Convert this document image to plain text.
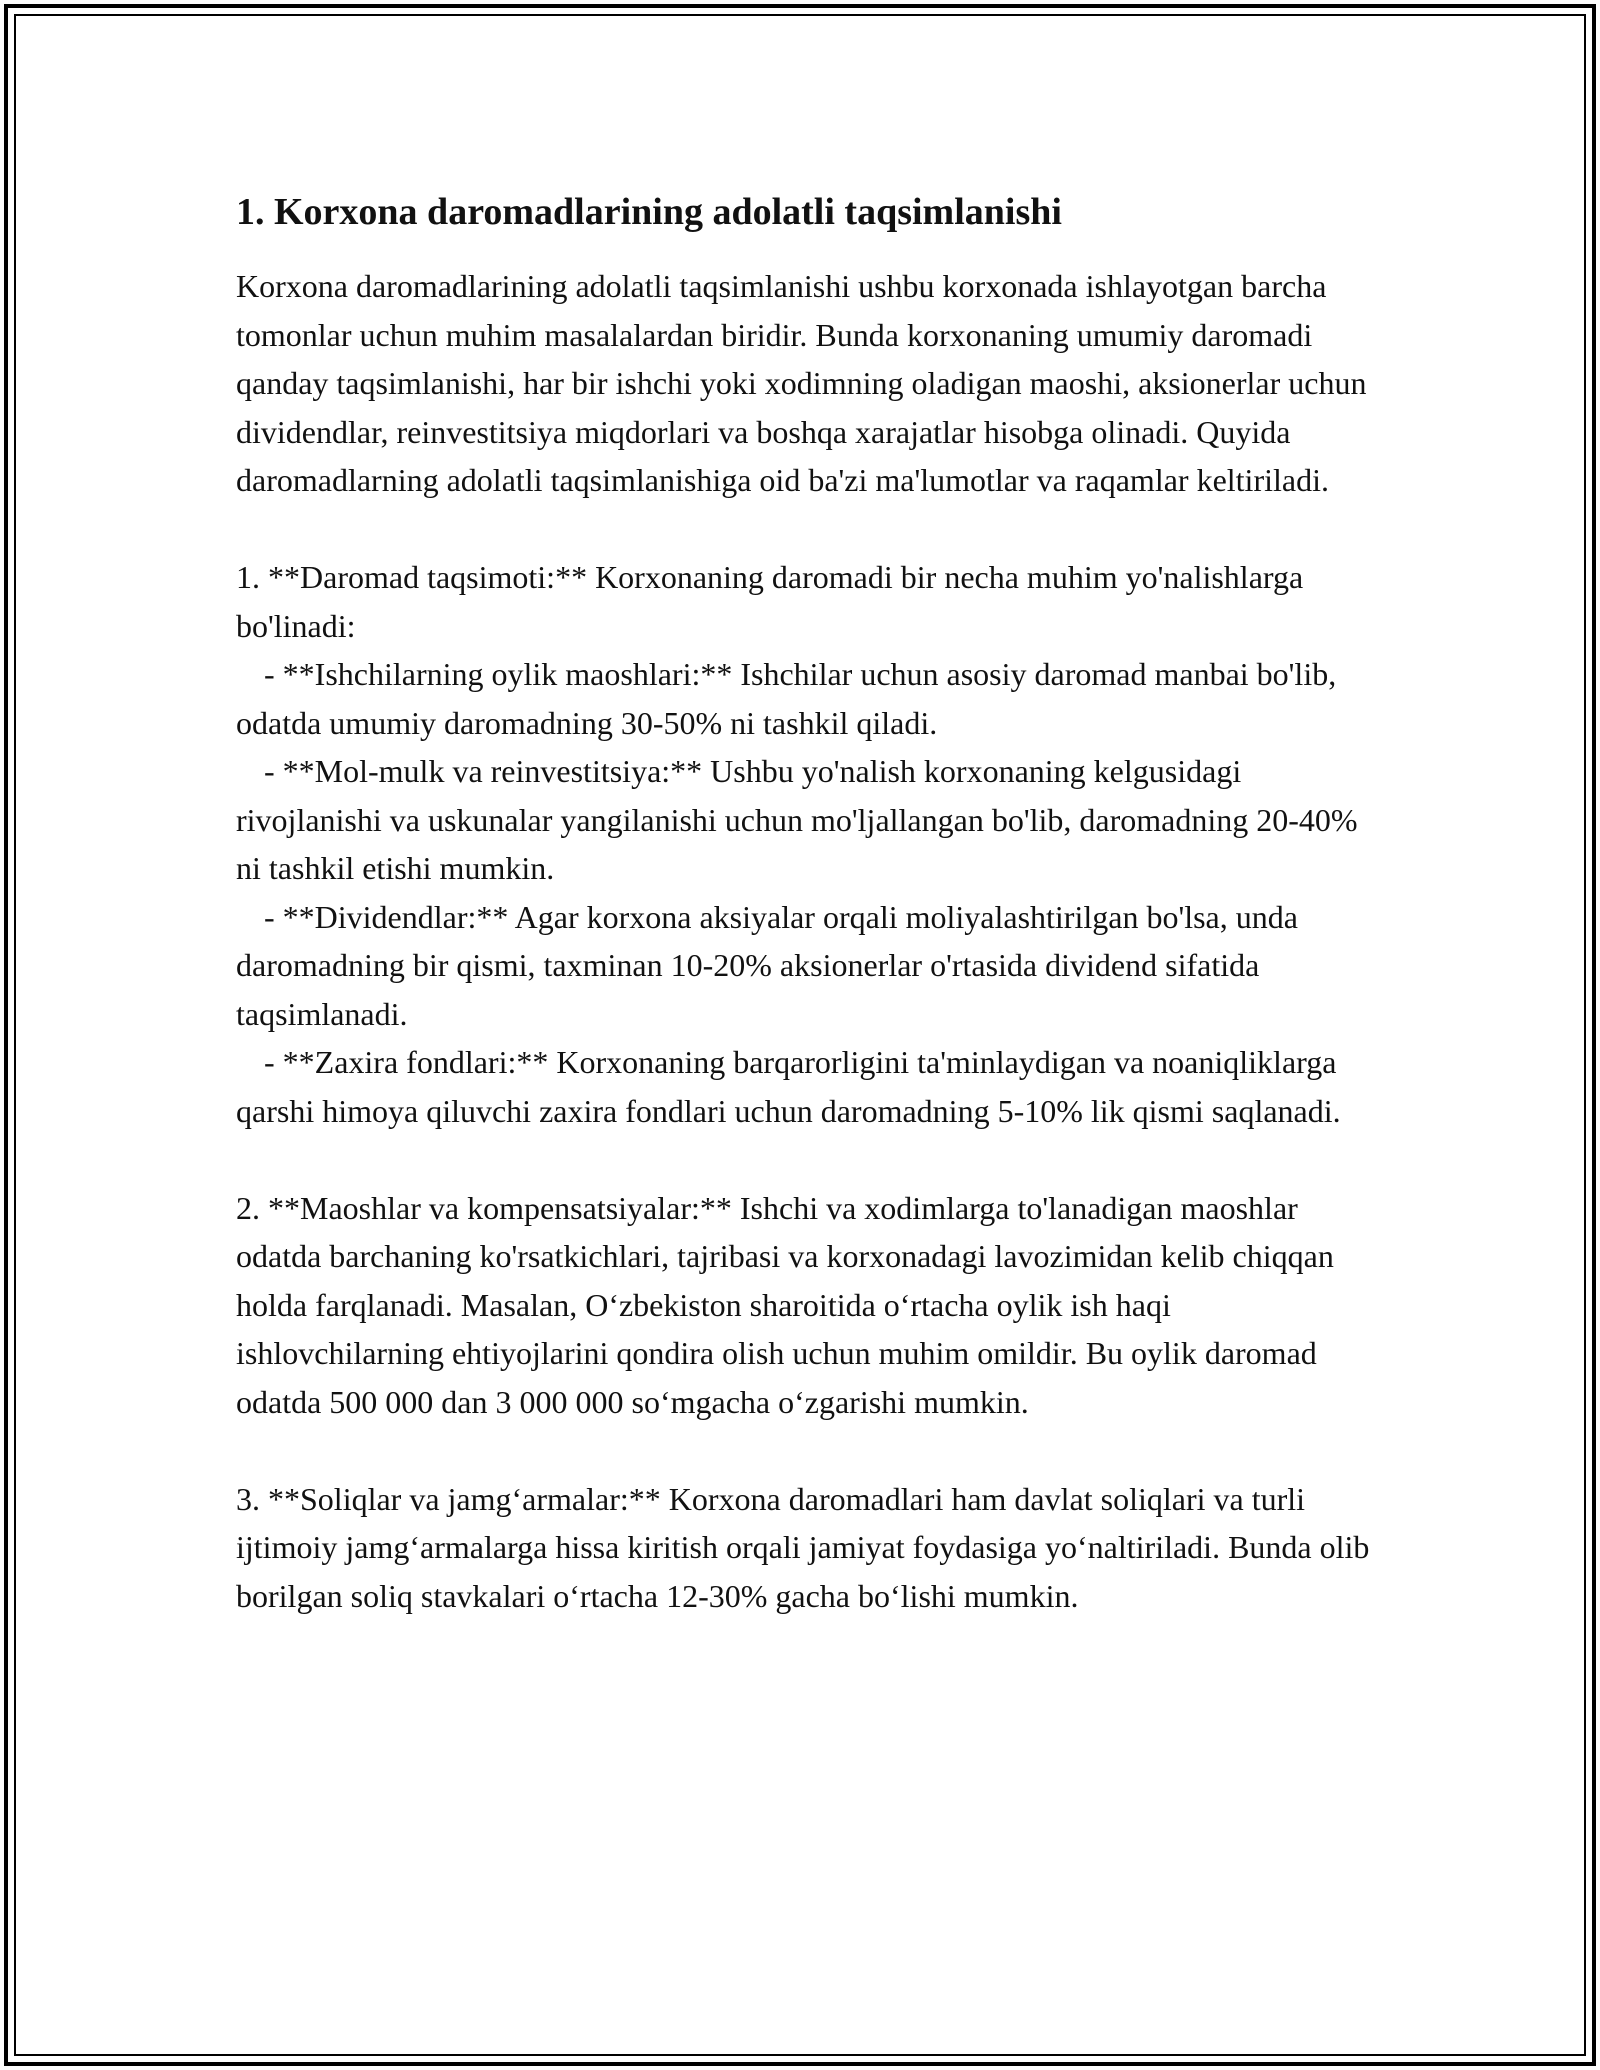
1. Korxona daromadlarining adolatli taqsimlanishi

Korxona daromadlarining adolatli taqsimlanishi ushbu korxonada ishlayotgan barcha tomonlar uchun muhim masalalardan biridir. Bunda korxonaning umumiy daromadi qanday taqsimlanishi, har bir ishchi yoki xodimning oladigan maoshi, aksionerlar uchun dividendlar, reinvestitsiya miqdorlari va boshqa xarajatlar hisobga olinadi. Quyida daromadlarning adolatli taqsimlanishiga oid ba'zi ma'lumotlar va raqamlar keltiriladi.

1. **Daromad taqsimoti:** Korxonaning daromadi bir necha muhim yo'nalishlarga bo'linadi:

- **Ishchilarning oylik maoshlari:** Ishchilar uchun asosiy daromad manbai bo'lib, odatda umumiy daromadning 30-50% ni tashkil qiladi.

- **Mol-mulk va reinvestitsiya:** Ushbu yo'nalish korxonaning kelgusidagi rivojlanishi va uskunalar yangilanishi uchun mo'ljallangan bo'lib, daromadning 20-40% ni tashkil etishi mumkin.

- **Dividendlar:** Agar korxona aksiyalar orqali moliyalashtirilgan bo'lsa, unda daromadning bir qismi, taxminan 10-20% aksionerlar o'rtasida dividend sifatida taqsimlanadi.

- **Zaxira fondlari:** Korxonaning barqarorligini ta'minlaydigan va noaniqliklarga qarshi himoya qiluvchi zaxira fondlari uchun daromadning 5-10% lik qismi saqlanadi.

2. **Maoshlar va kompensatsiyalar:** Ishchi va xodimlarga to'lanadigan maoshlar odatda barchaning ko'rsatkichlari, tajribasi va korxonadagi lavozimidan kelib chiqqan holda farqlanadi. Masalan, O‘zbekiston sharoitida o‘rtacha oylik ish haqi ishlovchilarning ehtiyojlarini qondira olish uchun muhim omildir. Bu oylik daromad odatda 500 000 dan 3 000 000 so‘mgacha o‘zgarishi mumkin.

3. **Soliqlar va jamg‘armalar:** Korxona daromadlari ham davlat soliqlari va turli ijtimoiy jamg‘armalarga hissa kiritish orqali jamiyat foydasiga yo‘naltiriladi. Bunda olib borilgan soliq stavkalari o‘rtacha 12-30% gacha bo‘lishi mumkin.
